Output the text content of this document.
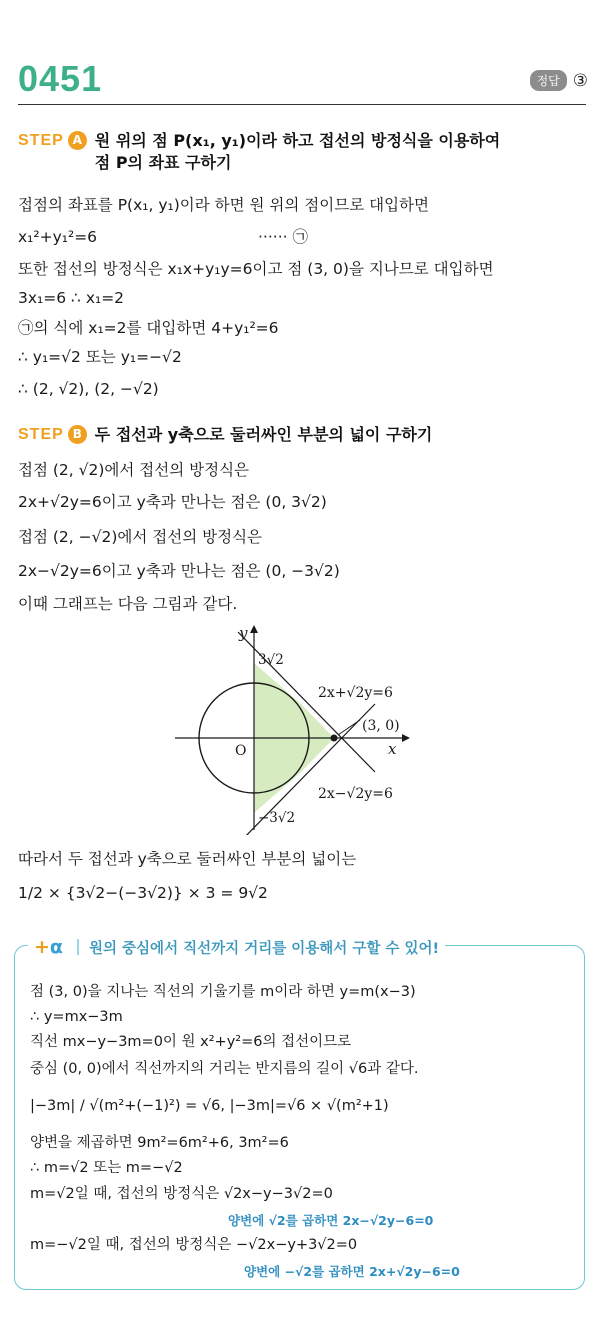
0451	정답 ③
STEP A 원 위의 점 P(x₁, y₁)이라 하고 접선의 방정식을 이용하여
점 P의 좌표 구하기
접점의 좌표를 P(x₁, y₁)이라 하면 원 위의 점이므로 대입하면
x₁²+y₁²=6	······ ㉠
또한 접선의 방정식은 x₁x+y₁y=6이고 점 (3, 0)을 지나므로 대입하면
3x₁=6 ∴ x₁=2
㉠의 식에 x₁=2를 대입하면 4+y₁²=6
∴ y₁=√2 또는 y₁=−√2
∴ (2, √2), (2, −√2)
STEP B 두 접선과 y축으로 둘러싸인 부분의 넓이 구하기
접점 (2, √2)에서 접선의 방정식은
2x+√2y=6이고 y축과 만나는 점은 (0, 3√2)
접점 (2, −√2)에서 접선의 방정식은
2x−√2y=6이고 y축과 만나는 점은 (0, −3√2)
이때 그래프는 다음 그림과 같다.
y
x
O
3√2
−3√2
2x+√2y=6
2x−√2y=6
(3, 0)
따라서 두 접선과 y축으로 둘러싸인 부분의 넓이는
1/2 × {3√2−(−3√2)} × 3 = 9√2
+ α 원의 중심에서 직선까지 거리를 이용해서 구할 수 있어!
점 (3, 0)을 지나는 직선의 기울기를 m이라 하면 y=m(x−3)
∴ y=mx−3m
직선 mx−y−3m=0이 원 x²+y²=6의 접선이므로
중심 (0, 0)에서 직선까지의 거리는 반지름의 길이 √6과 같다.
|−3m| / √(m²+(−1)²) = √6, |−3m|=√6 × √(m²+1)
양변을 제곱하면 9m²=6m²+6, 3m²=6
∴ m=√2 또는 m=−√2
m=√2일 때, 접선의 방정식은 √2x−y−3√2=0
양변에 √2를 곱하면 2x−√2y−6=0
m=−√2일 때, 접선의 방정식은 −√2x−y+3√2=0
양변에 −√2를 곱하면 2x+√2y−6=0
